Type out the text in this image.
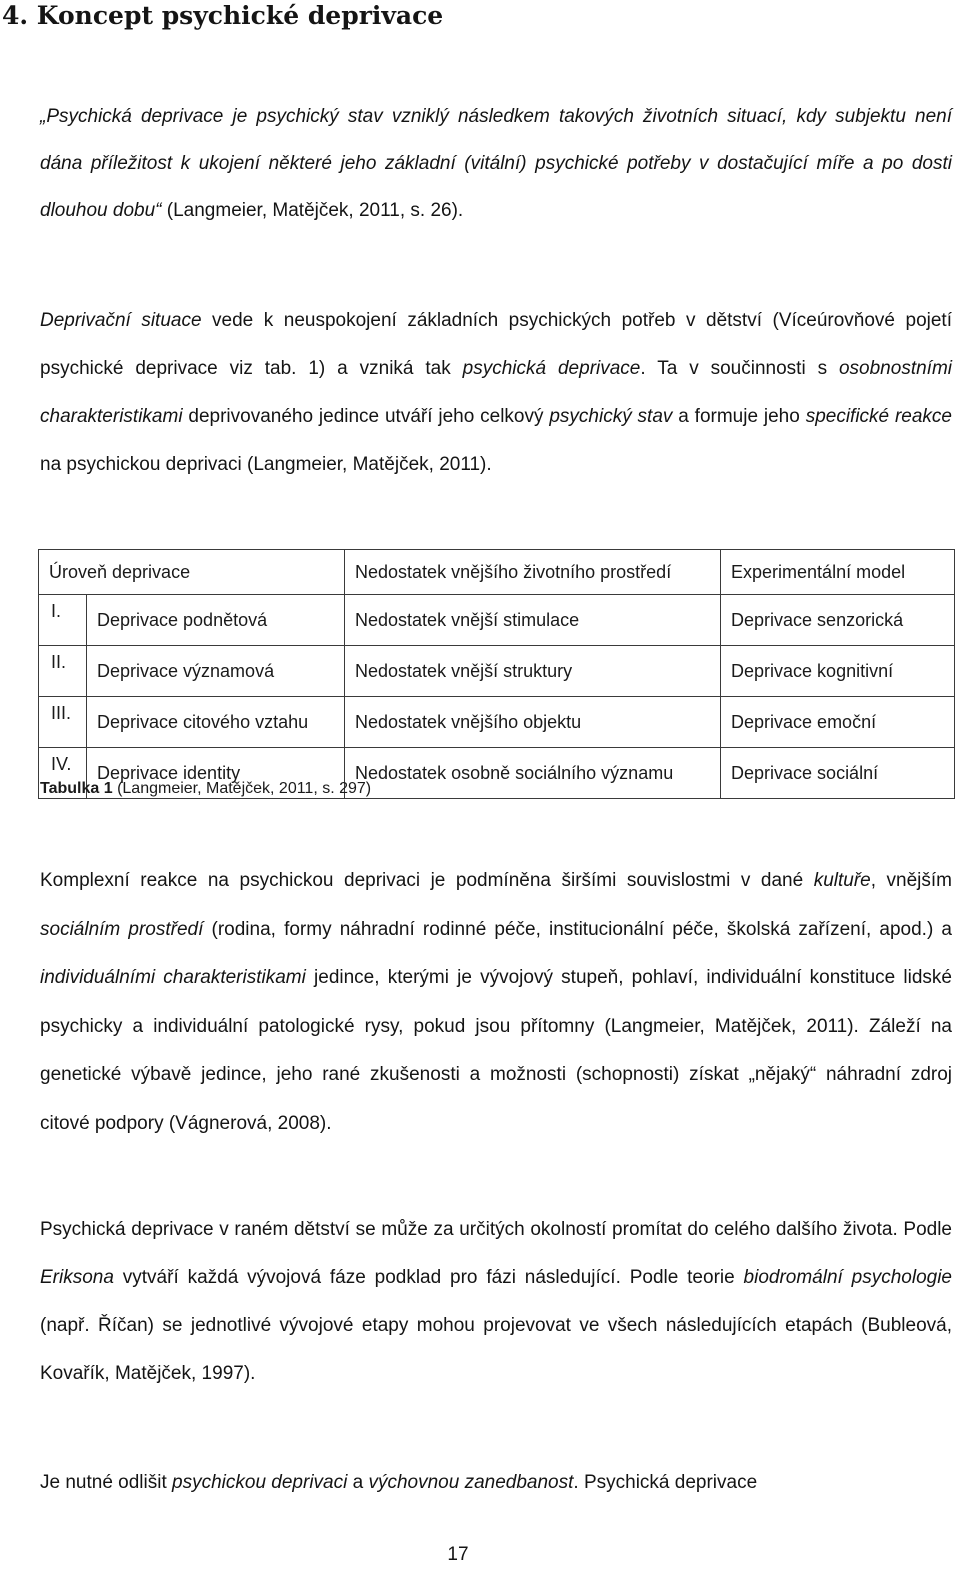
4. Koncept psychické deprivace

„Psychická deprivace je psychický stav vzniklý následkem takových životních situací, kdy subjektu není dána příležitost k ukojení některé jeho základní (vitální) psychické potřeby v dostačující míře a po dosti dlouhou dobu“ (Langmeier, Matějček, 2011, s. 26).

Deprivační situace vede k neuspokojení základních psychických potřeb v dětství (Víceúrovňové pojetí psychické deprivace viz tab. 1) a vzniká tak psychická deprivace. Ta v součinnosti s osobnostními charakteristikami deprivovaného jedince utváří jeho celkový psychický stav a formuje jeho specifické reakce na psychickou deprivaci (Langmeier, Matějček, 2011).

Úroveň deprivace		Nedostatek vnějšího životního prostředí	Experimentální model
I.	Deprivace podnětová	Nedostatek vnější stimulace	Deprivace senzorická
II.	Deprivace významová	Nedostatek vnější struktury	Deprivace kognitivní
III.	Deprivace citového vztahu	Nedostatek vnějšího objektu	Deprivace emoční
IV.	Deprivace identity	Nedostatek osobně sociálního významu	Deprivace sociální

Tabulka 1 (Langmeier, Matějček, 2011, s. 297)

Komplexní reakce na psychickou deprivaci je podmíněna širšími souvislostmi v dané kultuře, vnějším sociálním prostředí (rodina, formy náhradní rodinné péče, institucionální péče, školská zařízení, apod.) a individuálními charakteristikami jedince, kterými je vývojový stupeň, pohlaví, individuální konstituce lidské psychicky a individuální patologické rysy, pokud jsou přítomny (Langmeier, Matějček, 2011). Záleží na genetické výbavě jedince, jeho rané zkušenosti a možnosti (schopnosti) získat „nějaký“ náhradní zdroj citové podpory (Vágnerová, 2008).

Psychická deprivace v raném dětství se může za určitých okolností promítat do celého dalšího života. Podle Eriksona vytváří každá vývojová fáze podklad pro fázi následující. Podle teorie biodromální psychologie (např. Říčan) se jednotlivé vývojové etapy mohou projevovat ve všech následujících etapách (Bubleová, Kovařík, Matějček, 1997).

Je nutné odlišit psychickou deprivaci a výchovnou zanedbanost. Psychická deprivace

17
